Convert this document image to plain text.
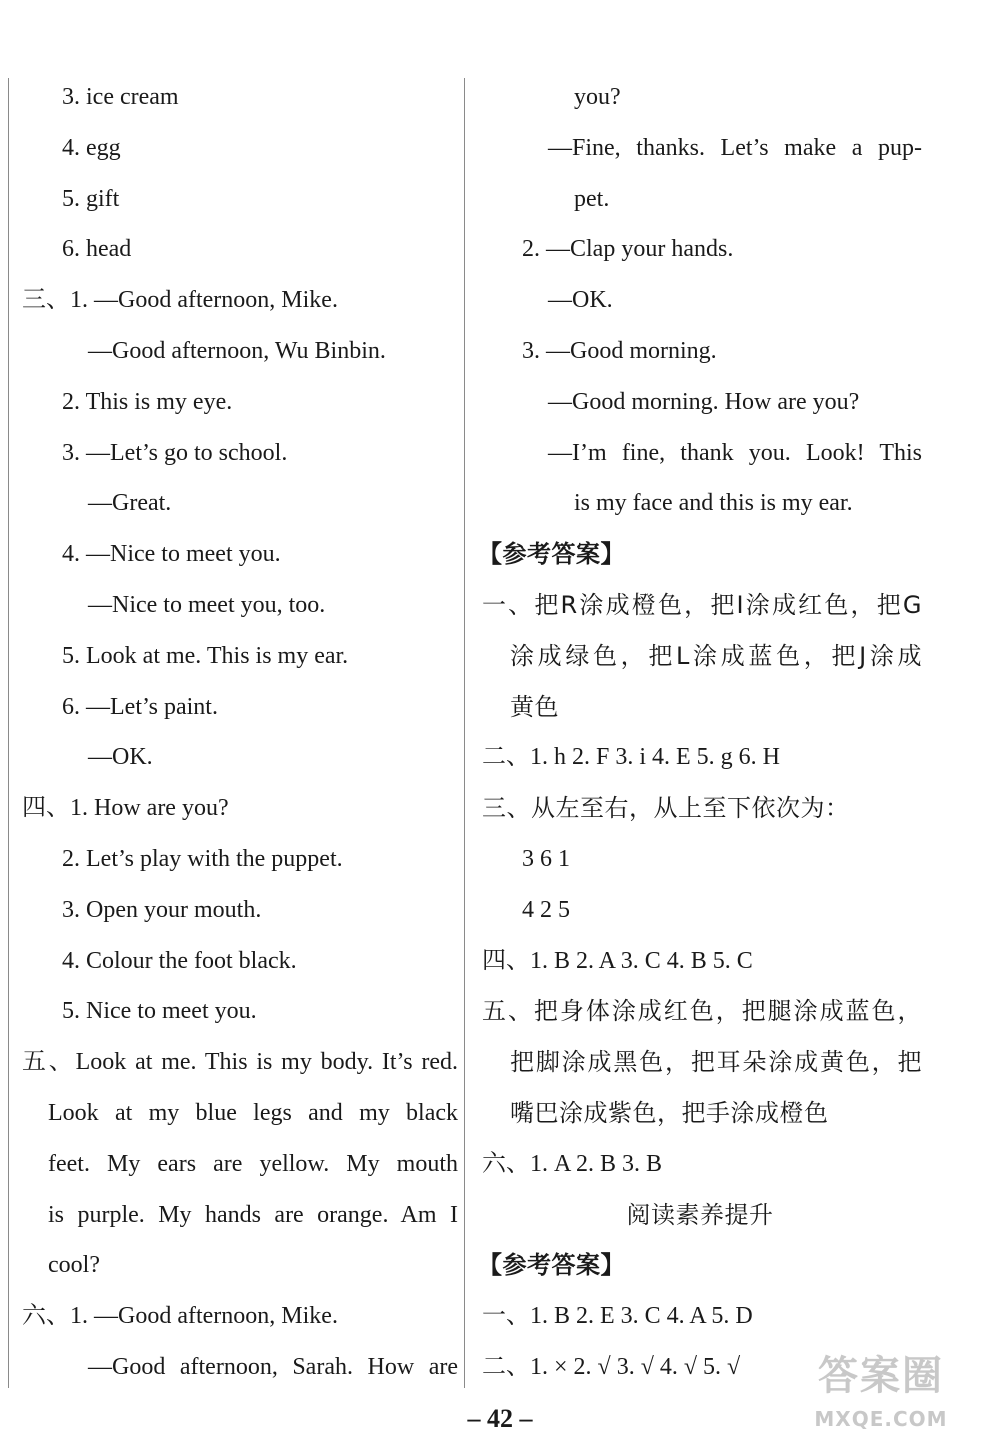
3. ice cream
4. egg
5. gift
6. head
三、1. —Good afternoon, Mike.
—Good afternoon, Wu Binbin.
2. This is my eye.
3. —Let’s go to school.
—Great.
4. —Nice to meet you.
—Nice to meet you, too.
5. Look at me. This is my ear.
6. —Let’s paint.
—OK.
四、1. How are you?
2. Let’s play with the puppet.
3. Open your mouth.
4. Colour the foot black.
5. Nice to meet you.
五、Look at me. This is my body. It’s red.
Look at my blue legs and my black
feet. My ears are yellow. My mouth
is purple. My hands are orange. Am I
cool?
六、1. —Good afternoon, Mike.
—Good afternoon, Sarah. How are
you?
—Fine, thanks. Let’s make a pup-
pet.
2. —Clap your hands.
—OK.
3. —Good morning.
—Good morning. How are you?
—I’m fine, thank you. Look! This
is my face and this is my ear.
【参考答案】
一、把R涂成橙色，把I涂成红色，把G
涂成绿色，把L涂成蓝色，把J涂成
黄色
二、1. h 2. F 3. i 4. E 5. g 6. H
三、从左至右，从上至下依次为：
3 6 1
4 2 5
四、1. B 2. A 3. C 4. B 5. C
五、把身体涂成红色，把腿涂成蓝色，
把脚涂成黑色，把耳朵涂成黄色，把
嘴巴涂成紫色，把手涂成橙色
六、1. A 2. B 3. B
阅读素养提升
【参考答案】
一、1. B 2. E 3. C 4. A 5. D
二、1. × 2. √ 3. √ 4. √ 5. √
– 42 –
答案圈
MXQE.COM
